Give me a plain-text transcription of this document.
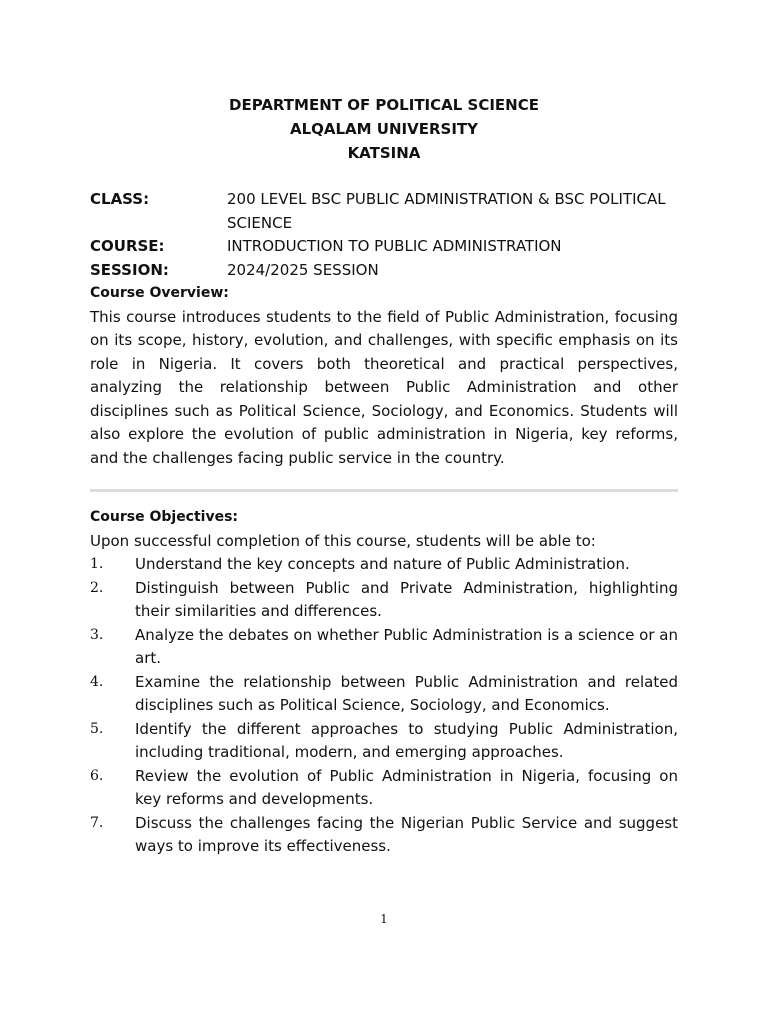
DEPARTMENT OF POLITICAL SCIENCE
ALQALAM UNIVERSITY
KATSINA
CLASS:	200 LEVEL BSC PUBLIC ADMINISTRATION & BSC POLITICAL SCIENCE
COURSE:	INTRODUCTION TO PUBLIC ADMINISTRATION
SESSION:	2024/2025 SESSION
Course Overview:
This course introduces students to the field of Public Administration, focusing on its scope, history, evolution, and challenges, with specific emphasis on its role in Nigeria. It covers both theoretical and practical perspectives, analyzing the relationship between Public Administration and other disciplines such as Political Science, Sociology, and Economics. Students will also explore the evolution of public administration in Nigeria, key reforms, and the challenges facing public service in the country.
Course Objectives:
Upon successful completion of this course, students will be able to:
1.	Understand the key concepts and nature of Public Administration.
2.	Distinguish between Public and Private Administration, highlighting their similarities and differences.
3.	Analyze the debates on whether Public Administration is a science or an art.
4.	Examine the relationship between Public Administration and related disciplines such as Political Science, Sociology, and Economics.
5.	Identify the different approaches to studying Public Administration, including traditional, modern, and emerging approaches.
6.	Review the evolution of Public Administration in Nigeria, focusing on key reforms and developments.
7.	Discuss the challenges facing the Nigerian Public Service and suggest ways to improve its effectiveness.
1
